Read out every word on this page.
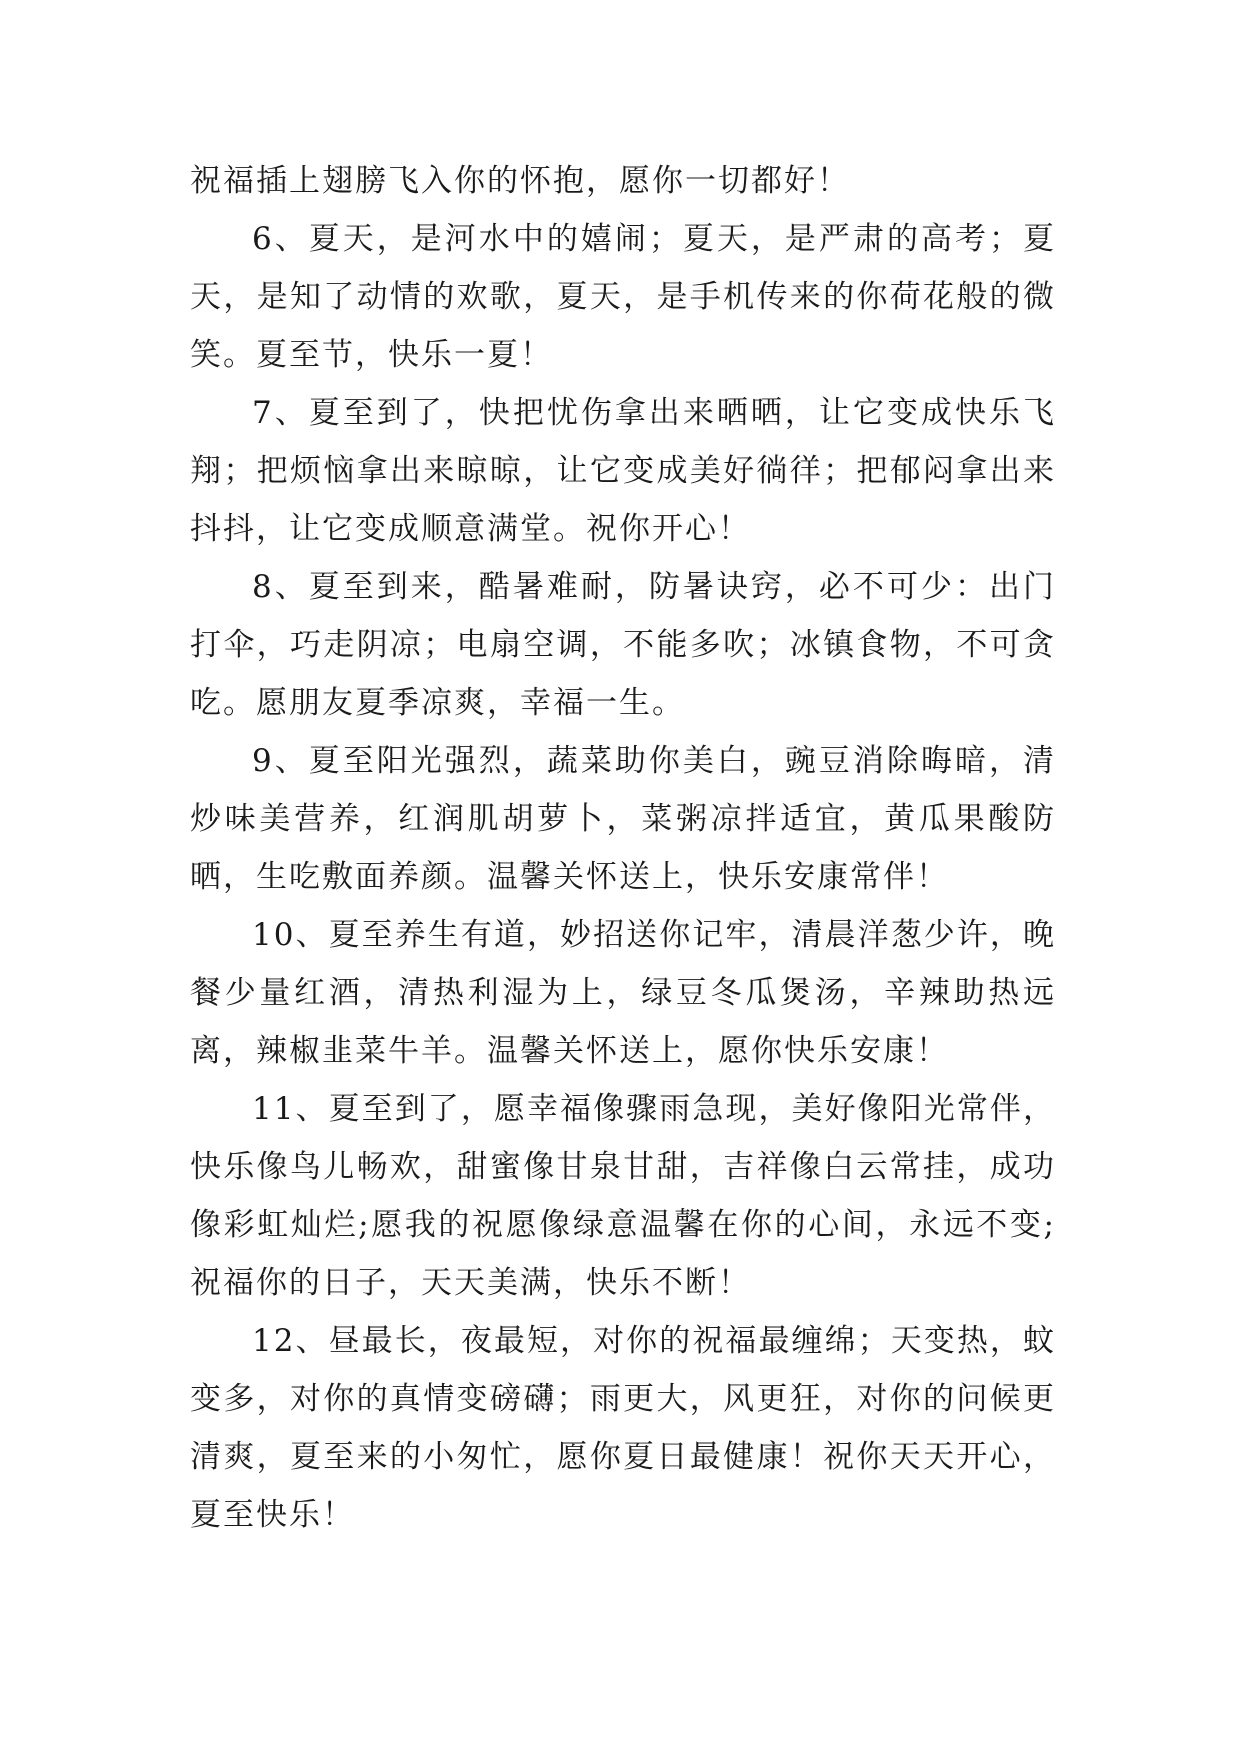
祝福插上翅膀飞入你的怀抱，愿你一切都好！

6、夏天，是河水中的嬉闹；夏天，是严肃的高考；夏天，是知了动情的欢歌，夏天，是手机传来的你荷花般的微笑。夏至节，快乐一夏！

7、夏至到了，快把忧伤拿出来晒晒，让它变成快乐飞翔；把烦恼拿出来晾晾，让它变成美好徜徉；把郁闷拿出来抖抖，让它变成顺意满堂。祝你开心！

8、夏至到来，酷暑难耐，防暑诀窍，必不可少：出门打伞，巧走阴凉；电扇空调，不能多吹；冰镇食物，不可贪吃。愿朋友夏季凉爽，幸福一生。

9、夏至阳光强烈，蔬菜助你美白，豌豆消除晦暗，清炒味美营养，红润肌胡萝卜，菜粥凉拌适宜，黄瓜果酸防晒，生吃敷面养颜。温馨关怀送上，快乐安康常伴！

10、夏至养生有道，妙招送你记牢，清晨洋葱少许，晚餐少量红酒，清热利湿为上，绿豆冬瓜煲汤，辛辣助热远离，辣椒韭菜牛羊。温馨关怀送上，愿你快乐安康！

11、夏至到了，愿幸福像骤雨急现，美好像阳光常伴，快乐像鸟儿畅欢，甜蜜像甘泉甘甜，吉祥像白云常挂，成功像彩虹灿烂;愿我的祝愿像绿意温馨在你的心间，永远不变;祝福你的日子，天天美满，快乐不断！

12、昼最长，夜最短，对你的祝福最缠绵；天变热，蚊变多，对你的真情变磅礴；雨更大，风更狂，对你的问候更清爽，夏至来的小匆忙，愿你夏日最健康！祝你天天开心，夏至快乐！
